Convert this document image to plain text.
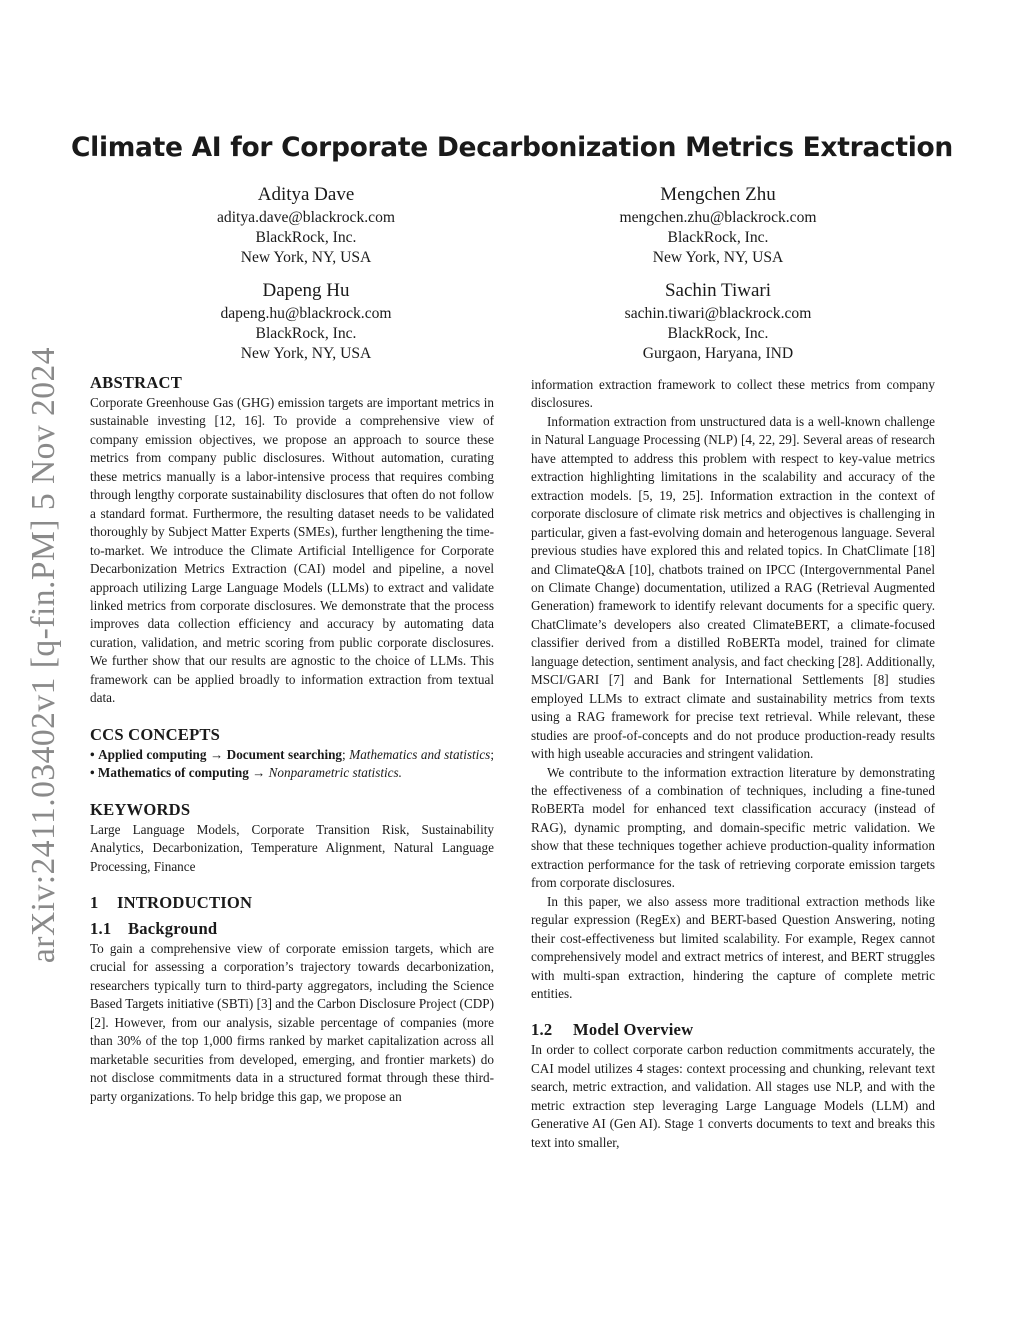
arXiv:2411.03402v1 [q-fin.PM] 5 Nov 2024
Climate AI for Corporate Decarbonization Metrics Extraction
Aditya Dave
aditya.dave@blackrock.com
BlackRock, Inc.
New York, NY, USA
Mengchen Zhu
mengchen.zhu@blackrock.com
BlackRock, Inc.
New York, NY, USA
Dapeng Hu
dapeng.hu@blackrock.com
BlackRock, Inc.
New York, NY, USA
Sachin Tiwari
sachin.tiwari@blackrock.com
BlackRock, Inc.
Gurgaon, Haryana, IND
ABSTRACT

Corporate Greenhouse Gas (GHG) emission targets are important metrics in sustainable investing [12, 16]. To provide a comprehensive view of company emission objectives, we propose an approach to source these metrics from company public disclosures. Without automation, curating these metrics manually is a labor-intensive process that requires combing through lengthy corporate sustainability disclosures that often do not follow a standard format. Furthermore, the resulting dataset needs to be validated thoroughly by Subject Matter Experts (SMEs), further lengthening the time-to-market. We introduce the Climate Artificial Intelligence for Corporate Decarbonization Metrics Extraction (CAI) model and pipeline, a novel approach utilizing Large Language Models (LLMs) to extract and validate linked metrics from corporate disclosures. We demonstrate that the process improves data collection efficiency and accuracy by automating data curation, validation, and metric scoring from public corporate disclosures. We further show that our results are agnostic to the choice of LLMs. This framework can be applied broadly to information extraction from textual data.

CCS CONCEPTS

• Applied computing → Document searching; Mathematics and statistics; • Mathematics of computing → Nonparametric statistics.

KEYWORDS

Large Language Models, Corporate Transition Risk, Sustainability Analytics, Decarbonization, Temperature Alignment, Natural Language Processing, Finance

1 INTRODUCTION
1.1 Background

To gain a comprehensive view of corporate emission targets, which are crucial for assessing a corporation’s trajectory towards decarbonization, researchers typically turn to third-party aggregators, including the Science Based Targets initiative (SBTi) [3] and the Carbon Disclosure Project (CDP) [2]. However, from our analysis, sizable percentage of companies (more than 30% of the top 1,000 firms ranked by market capitalization across all marketable securities from developed, emerging, and frontier markets) do not disclose commitments data in a structured format through these third-party organizations. To help bridge this gap, we propose an

information extraction framework to collect these metrics from company disclosures.

Information extraction from unstructured data is a well-known challenge in Natural Language Processing (NLP) [4, 22, 29]. Several areas of research have attempted to address this problem with respect to key-value metrics extraction highlighting limitations in the scalability and accuracy of the extraction models. [5, 19, 25]. Information extraction in the context of corporate disclosure of climate risk metrics and objectives is challenging in particular, given a fast-evolving domain and heterogenous language. Several previous studies have explored this and related topics. In ChatClimate [18] and ClimateQ&A [10], chatbots trained on IPCC (Intergovernmental Panel on Climate Change) documentation, utilized a RAG (Retrieval Augmented Generation) framework to identify relevant documents for a specific query. ChatClimate’s developers also created ClimateBERT, a climate-focused classifier derived from a distilled RoBERTa model, trained for climate language detection, sentiment analysis, and fact checking [28]. Additionally, MSCI/GARI [7] and Bank for International Settlements [8] studies employed LLMs to extract climate and sustainability metrics from texts using a RAG framework for precise text retrieval. While relevant, these studies are proof-of-concepts and do not produce production-ready results with high useable accuracies and stringent validation.

We contribute to the information extraction literature by demonstrating the effectiveness of a combination of techniques, including a fine-tuned RoBERTa model for enhanced text classification accuracy (instead of RAG), dynamic prompting, and domain-specific metric validation. We show that these techniques together achieve production-quality information extraction performance for the task of retrieving corporate emission targets from corporate disclosures.

In this paper, we also assess more traditional extraction methods like regular expression (RegEx) and BERT-based Question Answering, noting their cost-effectiveness but limited scalability. For example, Regex cannot comprehensively model and extract metrics of interest, and BERT struggles with multi-span extraction, hindering the capture of complete metric entities.

1.2 Model Overview

In order to collect corporate carbon reduction commitments accurately, the CAI model utilizes 4 stages: context processing and chunking, relevant text search, metric extraction, and validation. All stages use NLP, and with the metric extraction step leveraging Large Language Models (LLM) and Generative AI (Gen AI). Stage 1 converts documents to text and breaks this text into smaller,
